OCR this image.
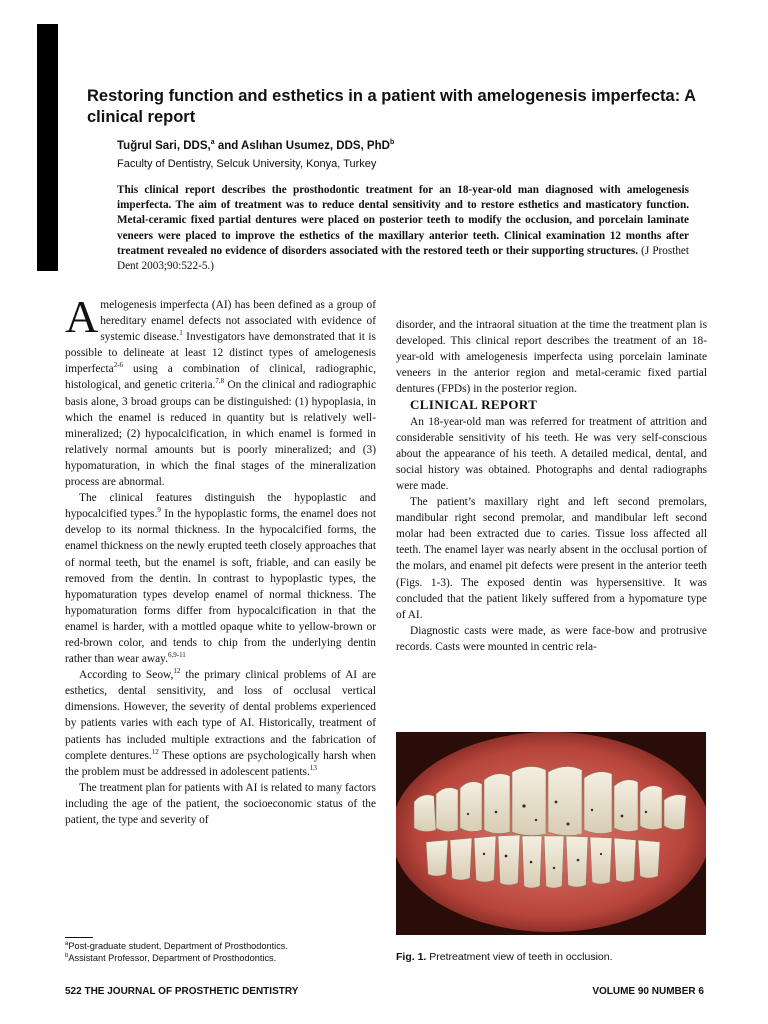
Restoring function and esthetics in a patient with amelogenesis imperfecta: A clinical report
Tuğrul Sari, DDS,$^a$ and Aslıhan Usumez, DDS, PhD$^b$
Faculty of Dentistry, Selcuk University, Konya, Turkey
This clinical report describes the prosthodontic treatment for an 18-year-old man diagnosed with amelogenesis imperfecta. The aim of treatment was to reduce dental sensitivity and to restore esthetics and masticatory function. Metal-ceramic fixed partial dentures were placed on posterior teeth to modify the occlusion, and porcelain laminate veneers were placed to improve the esthetics of the maxillary anterior teeth. Clinical examination 12 months after treatment revealed no evidence of disorders associated with the restored teeth or their supporting structures. (J Prosthet Dent 2003;90:522-5.)

Amelogenesis imperfecta (AI) has been defined as a group of hereditary enamel defects not associated with evidence of systemic disease.$^1$ Investigators have demonstrated that it is possible to delineate at least 12 distinct types of amelogenesis imperfecta$^{2-6}$ using a combination of clinical, radiographic, histological, and genetic criteria.$^{7,8}$ On the clinical and radiographic basis alone, 3 broad groups can be distinguished: (1) hypoplasia, in which the enamel is reduced in quantity but is relatively well-mineralized; (2) hypocalcification, in which enamel is formed in relatively normal amounts but is poorly mineralized; and (3) hypomaturation, in which the final stages of the mineralization process are abnormal.

The clinical features distinguish the hypoplastic and hypocalcified types.$^9$ In the hypoplastic forms, the enamel does not develop to its normal thickness. In the hypocalcified forms, the enamel thickness on the newly erupted teeth closely approaches that of normal teeth, but the enamel is soft, friable, and can easily be removed from the dentin. In contrast to hypoplastic types, the hypomaturation types develop enamel of normal thickness. The hypomaturation forms differ from hypocalcification in that the enamel is harder, with a mottled opaque white to yellow-brown or red-brown color, and tends to chip from the underlying dentin rather than wear away.$^{6,9-11}$

According to Seow,$^{12}$ the primary clinical problems of AI are esthetics, dental sensitivity, and loss of occlusal vertical dimensions. However, the severity of dental problems experienced by patients varies with each type of AI. Historically, treatment of patients has included multiple extractions and the fabrication of complete dentures.$^{12}$ These options are psychologically harsh when the problem must be addressed in adolescent patients.$^{13}$

The treatment plan for patients with AI is related to many factors including the age of the patient, the socioeconomic status of the patient, the type and severity of

disorder, and the intraoral situation at the time the treatment plan is developed. This clinical report describes the treatment of an 18-year-old with amelogenesis imperfecta using porcelain laminate veneers in the anterior region and metal-ceramic fixed partial dentures (FPDs) in the posterior region.

CLINICAL REPORT

An 18-year-old man was referred for treatment of attrition and considerable sensitivity of his teeth. He was very self-conscious about the appearance of his teeth. A detailed medical, dental, and social history was obtained. Photographs and dental radiographs were made.

The patient’s maxillary right and left second premolars, mandibular right second premolar, and mandibular left second molar had been extracted due to caries. Tissue loss affected all teeth. The enamel layer was nearly absent in the occlusal portion of the molars, and enamel pit defects were present in the anterior teeth (Figs. 1-3). The exposed dentin was hypersensitive. It was concluded that the patient likely suffered from a hypomature type of AI.

Diagnostic casts were made, as were face-bow and protrusive records. Casts were mounted in centric rela-

Fig. 1. Pretreatment view of teeth in occlusion.
$^a$Post-graduate student, Department of Prosthodontics.
$^b$Assistant Professor, Department of Prosthodontics.
522 THE JOURNAL OF PROSTHETIC DENTISTRY	VOLUME 90 NUMBER 6
